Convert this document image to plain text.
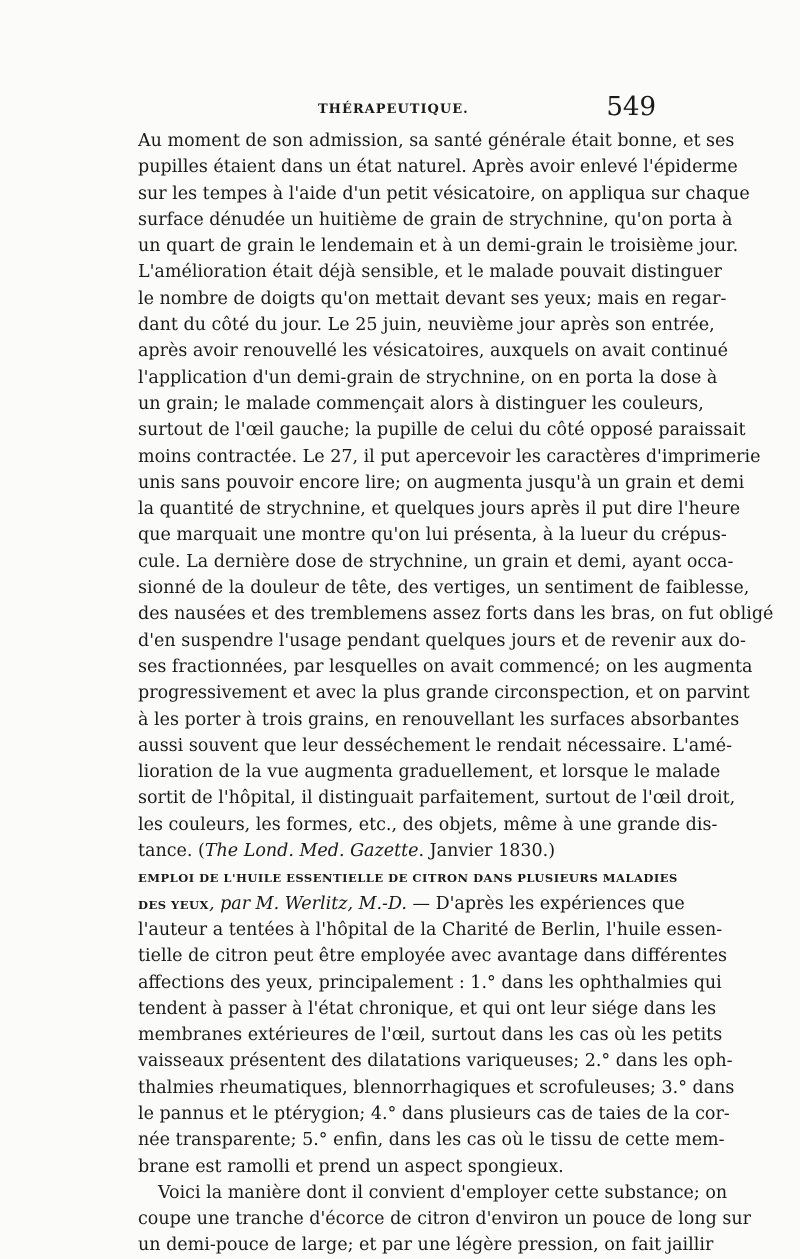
THÉRAPEUTIQUE.	549
Au moment de son admission, sa santé générale était bonne, et ses
pupilles étaient dans un état naturel. Après avoir enlevé l'épiderme
sur les tempes à l'aide d'un petit vésicatoire, on appliqua sur chaque
surface dénudée un huitième de grain de strychnine, qu'on porta à
un quart de grain le lendemain et à un demi-grain le troisième jour.
L'amélioration était déjà sensible, et le malade pouvait distinguer
le nombre de doigts qu'on mettait devant ses yeux; mais en regar-
dant du côté du jour. Le 25 juin, neuvième jour après son entrée,
après avoir renouvellé les vésicatoires, auxquels on avait continué
l'application d'un demi-grain de strychnine, on en porta la dose à
un grain; le malade commençait alors à distinguer les couleurs,
surtout de l'œil gauche; la pupille de celui du côté opposé paraissait
moins contractée. Le 27, il put apercevoir les caractères d'imprimerie
unis sans pouvoir encore lire; on augmenta jusqu'à un grain et demi
la quantité de strychnine, et quelques jours après il put dire l'heure
que marquait une montre qu'on lui présenta, à la lueur du crépus-
cule. La dernière dose de strychnine, un grain et demi, ayant occa-
sionné de la douleur de tête, des vertiges, un sentiment de faiblesse,
des nausées et des tremblemens assez forts dans les bras, on fut obligé
d'en suspendre l'usage pendant quelques jours et de revenir aux do-
ses fractionnées, par lesquelles on avait commencé; on les augmenta
progressivement et avec la plus grande circonspection, et on parvint
à les porter à trois grains, en renouvellant les surfaces absorbantes
aussi souvent que leur desséchement le rendait nécessaire. L'amé-
lioration de la vue augmenta graduellement, et lorsque le malade
sortit de l'hôpital, il distinguait parfaitement, surtout de l'œil droit,
les couleurs, les formes, etc., des objets, même à une grande dis-
tance. (The Lond. Med. Gazette. Janvier 1830.)
EMPLOI DE L'HUILE ESSENTIELLE DE CITRON DANS PLUSIEURS MALADIES
DES YEUX, par M. Werlitz, M.-D. — D'après les expériences que
l'auteur a tentées à l'hôpital de la Charité de Berlin, l'huile essen-
tielle de citron peut être employée avec avantage dans différentes
affections des yeux, principalement : 1.° dans les ophthalmies qui
tendent à passer à l'état chronique, et qui ont leur siége dans les
membranes extérieures de l'œil, surtout dans les cas où les petits
vaisseaux présentent des dilatations variqueuses; 2.° dans les oph-
thalmies rheumatiques, blennorrhagiques et scrofuleuses; 3.° dans
le pannus et le ptérygion; 4.° dans plusieurs cas de taies de la cor-
née transparente; 5.° enfin, dans les cas où le tissu de cette mem-
brane est ramolli et prend un aspect spongieux.
Voici la manière dont il convient d'employer cette substance; on
coupe une tranche d'écorce de citron d'environ un pouce de long sur
un demi-pouce de large; et par une légère pression, on fait jaillir
